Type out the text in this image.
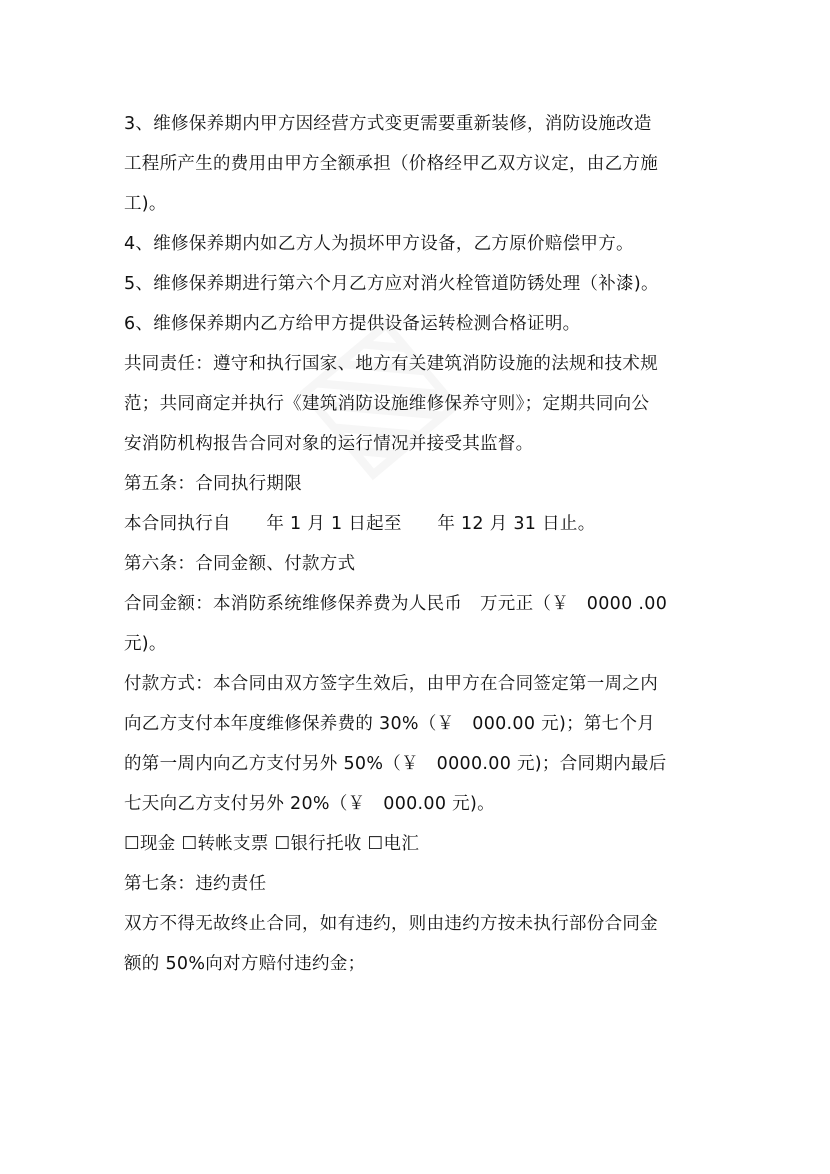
3、维修保养期内甲方因经营方式变更需要重新装修，消防设施改造
工程所产生的费用由甲方全额承担（价格经甲乙双方议定，由乙方施
工)。
4、维修保养期内如乙方人为损坏甲方设备，乙方原价赔偿甲方。
5、维修保养期进行第六个月乙方应对消火栓管道防锈处理（补漆)。
6、维修保养期内乙方给甲方提供设备运转检测合格证明。
共同责任：遵守和执行国家、地方有关建筑消防设施的法规和技术规
范；共同商定并执行《建筑消防设施维修保养守则》；定期共同向公
安消防机构报告合同对象的运行情况并接受其监督。
第五条：合同执行期限
本合同执行自　　年 1 月 1 日起至　　年 12 月 31 日止。
第六条：合同金额、付款方式
合同金额：本消防系统维修保养费为人民币　万元正（￥　0000 .00
元)。
付款方式：本合同由双方签字生效后，由甲方在合同签定第一周之内
向乙方支付本年度维修保养费的 30%（￥　000.00 元)；第七个月
的第一周内向乙方支付另外 50%（￥　0000.00 元)；合同期内最后
七天向乙方支付另外 20%（￥　000.00 元)。
☐现金 ☐转帐支票 ☐银行托收 ☐电汇
第七条：违约责任
双方不得无故终止合同，如有违约，则由违约方按未执行部份合同金
额的 50%向对方赔付违约金；
